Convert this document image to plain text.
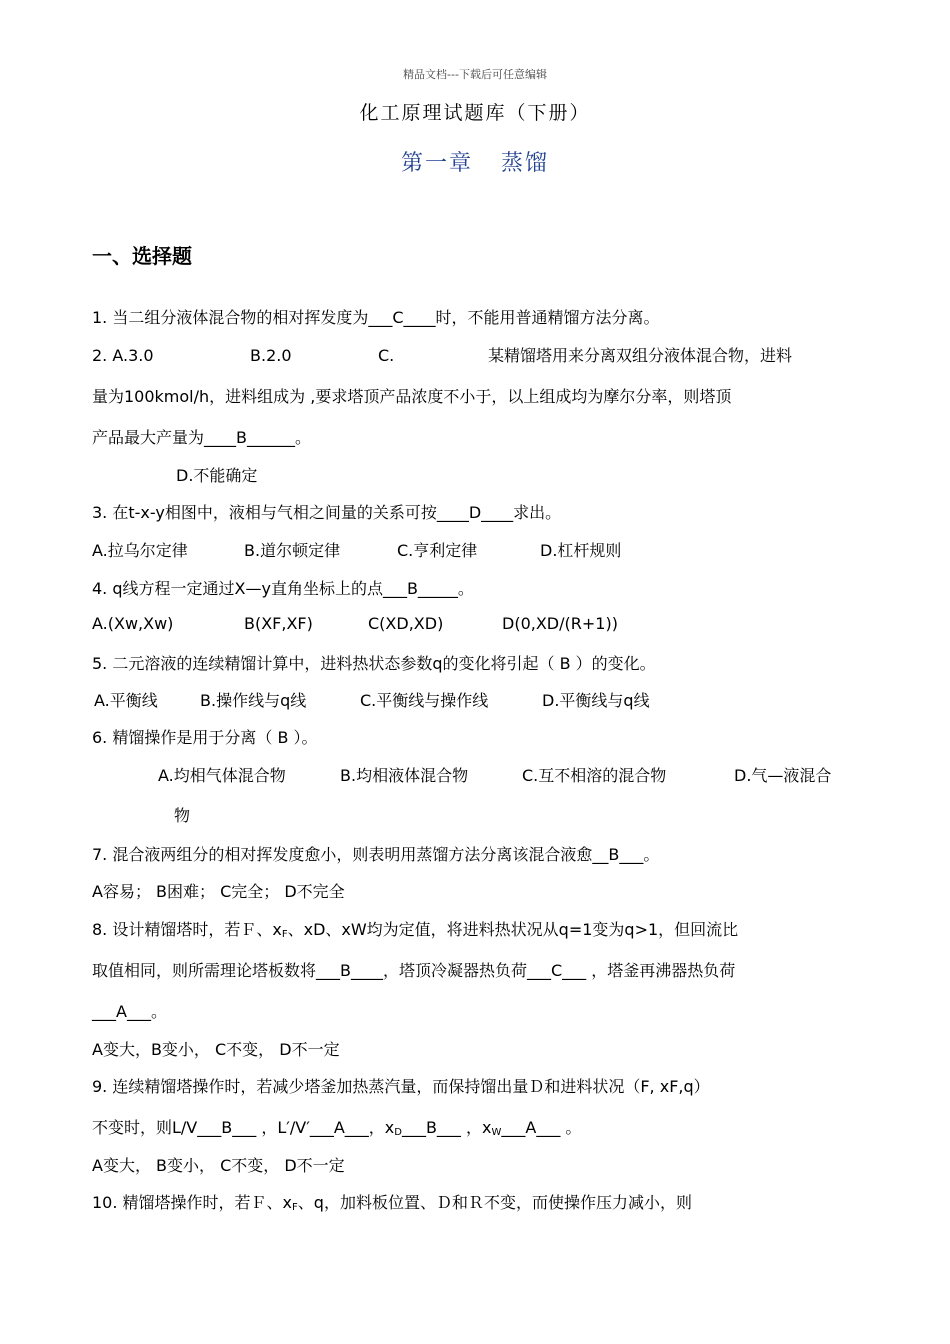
精品文档---下载后可任意编辑
化工原理试题库（下册）
第一章 蒸馏
一、选择题
1. 当二组分液体混合物的相对挥发度为___C____时，不能用普通精馏方法分离。
2. A.3.0	B.2.0	C.	某精馏塔用来分离双组分液体混合物，进料
量为100kmol/h，进料组成为 ,要求塔顶产品浓度不小于，以上组成均为摩尔分率，则塔顶
产品最大产量为____B______。
D.不能确定
3. 在t-x-y相图中，液相与气相之间量的关系可按____D____求出。
A.拉乌尔定律	B.道尔顿定律	C.亨利定律	D.杠杆规则
4. q线方程一定通过X—y直角坐标上的点___B_____。
A.(Xw,Xw)	B(XF,XF)	C(XD,XD)	D(0,XD/(R+1))
5. 二元溶液的连续精馏计算中，进料热状态参数q的变化将引起（ B ）的变化。
A.平衡线	B.操作线与q线	C.平衡线与操作线	D.平衡线与q线
6. 精馏操作是用于分离（ B ）。
A.均相气体混合物	B.均相液体混合物	C.互不相溶的混合物	D.气—液混合
物
7. 混合液两组分的相对挥发度愈小，则表明用蒸馏方法分离该混合液愈__B___。
A容易； B困难； C完全； D不完全
8. 设计精馏塔时，若Ｆ、$x_F$、xD、xW均为定值，将进料热状况从q=1变为q>1，但回流比
取值相同，则所需理论塔板数将___B____，塔顶冷凝器热负荷___C___ ，塔釜再沸器热负荷
___A___。
A变大，B变小， C不变， D不一定
9. 连续精馏塔操作时，若减少塔釜加热蒸汽量，而保持馏出量Ｄ和进料状况（F, xF,q）
不变时，则L/V___B___ ，L′/V′___A___，$x_D\_\_\_B\_\_\_$ ，$x_W\_\_\_A\_\_\_$ 。
A变大， B变小， C不变， D不一定
10. 精馏塔操作时，若Ｆ、$x_F$、q，加料板位置、Ｄ和Ｒ不变，而使操作压力减小，则
